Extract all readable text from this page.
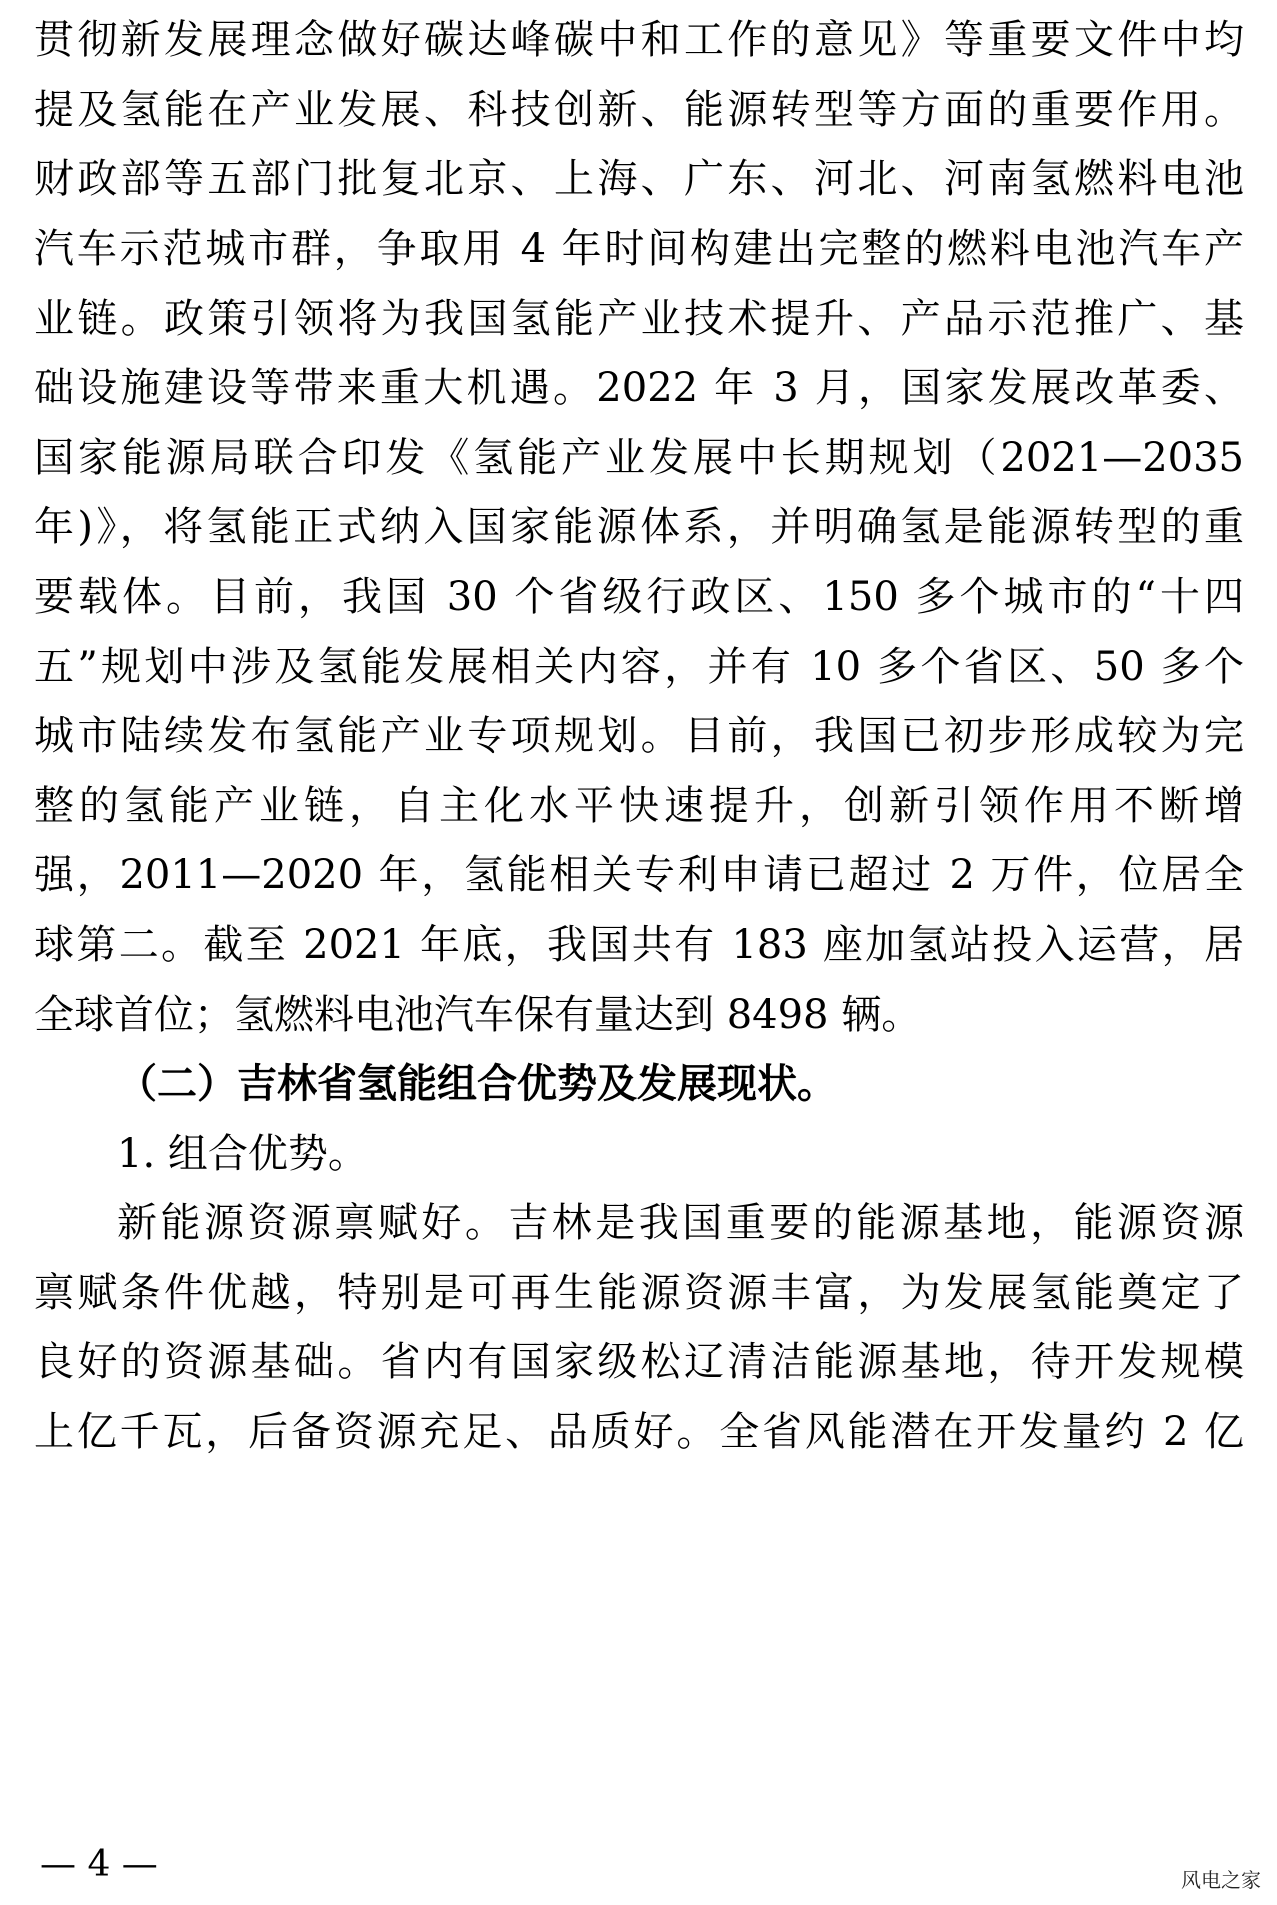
贯彻新发展理念做好碳达峰碳中和工作的意见》等重要文件中均
提及氢能在产业发展、科技创新、能源转型等方面的重要作用。
财政部等五部门批复北京、上海、广东、河北、河南氢燃料电池
汽车示范城市群，争取用 4 年时间构建出完整的燃料电池汽车产
业链。政策引领将为我国氢能产业技术提升、产品示范推广、基
础设施建设等带来重大机遇。2022 年 3 月，国家发展改革委、
国家能源局联合印发《氢能产业发展中长期规划（2021—2035
年)》，将氢能正式纳入国家能源体系，并明确氢是能源转型的重
要载体。目前，我国 30 个省级行政区、150 多个城市的“十四
五”规划中涉及氢能发展相关内容，并有 10 多个省区、50 多个
城市陆续发布氢能产业专项规划。目前，我国已初步形成较为完
整的氢能产业链，自主化水平快速提升，创新引领作用不断增
强，2011—2020 年，氢能相关专利申请已超过 2 万件，位居全
球第二。截至 2021 年底，我国共有 183 座加氢站投入运营，居
全球首位；氢燃料电池汽车保有量达到 8498 辆。
（二）吉林省氢能组合优势及发展现状。
1. 组合优势。
新能源资源禀赋好。吉林是我国重要的能源基地，能源资源
禀赋条件优越，特别是可再生能源资源丰富，为发展氢能奠定了
良好的资源基础。省内有国家级松辽清洁能源基地，待开发规模
上亿千瓦，后备资源充足、品质好。全省风能潜在开发量约 2 亿
— 4 —	风电之家
